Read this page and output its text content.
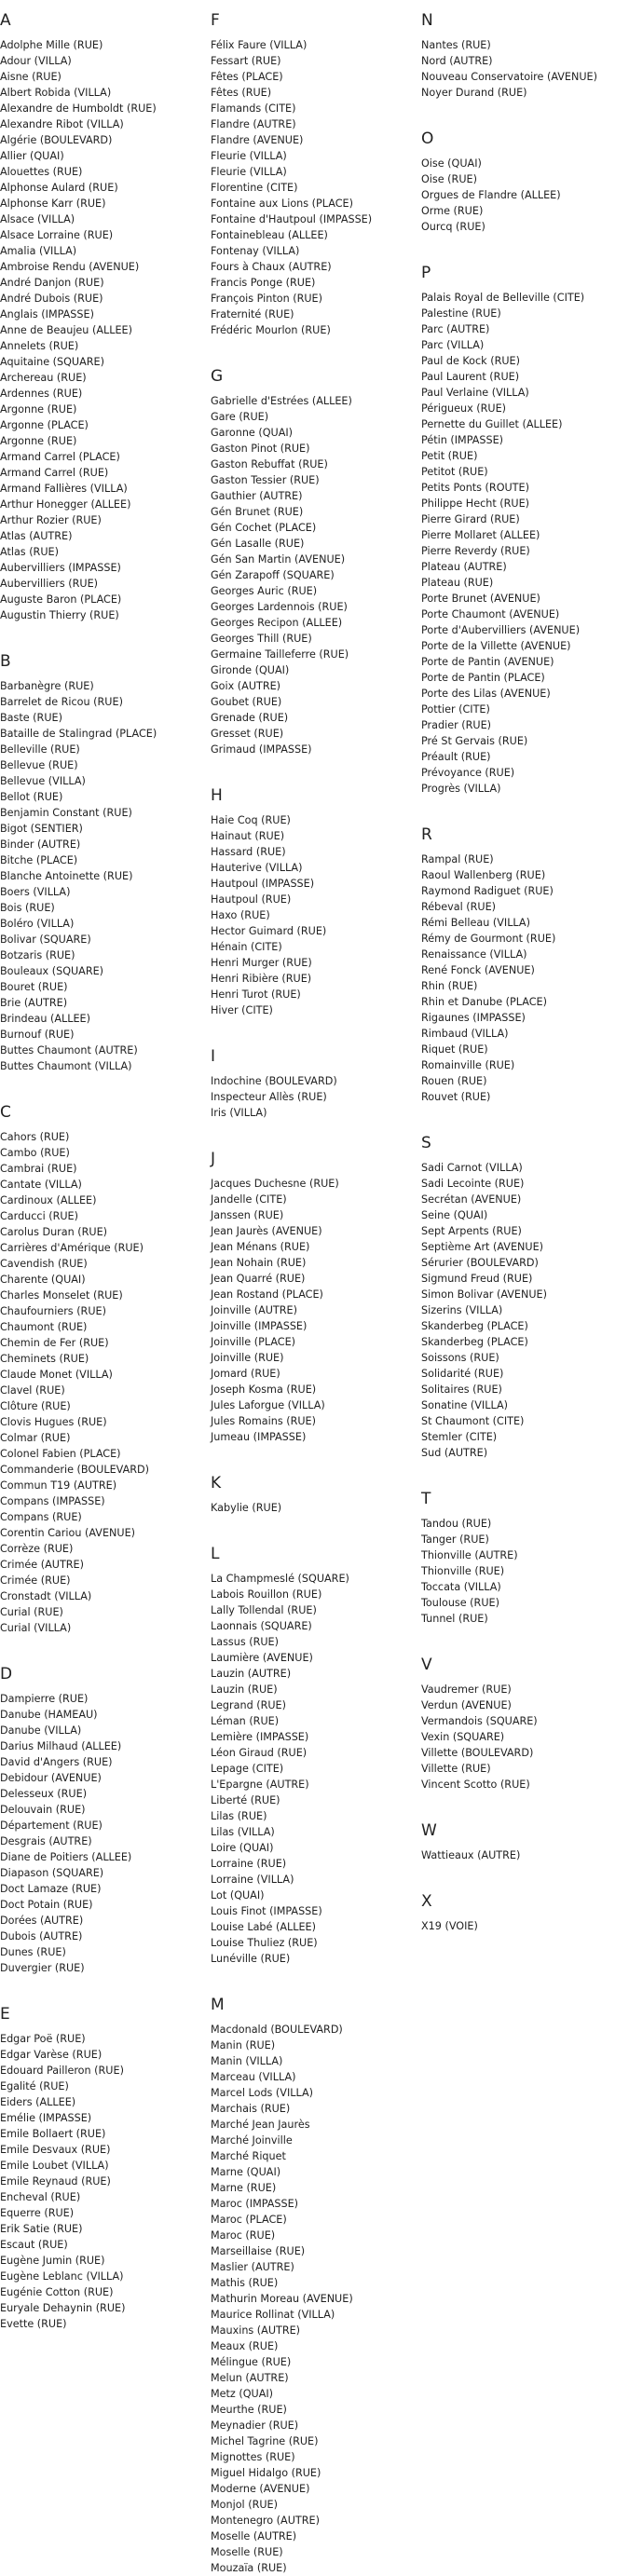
A
Adolphe Mille (RUE)
Adour (VILLA)
Aisne (RUE)
Albert Robida (VILLA)
Alexandre de Humboldt (RUE)
Alexandre Ribot (VILLA)
Algérie (BOULEVARD)
Allier (QUAI)
Alouettes (RUE)
Alphonse Aulard (RUE)
Alphonse Karr (RUE)
Alsace (VILLA)
Alsace Lorraine (RUE)
Amalia (VILLA)
Ambroise Rendu (AVENUE)
André Danjon (RUE)
André Dubois (RUE)
Anglais (IMPASSE)
Anne de Beaujeu (ALLEE)
Annelets (RUE)
Aquitaine (SQUARE)
Archereau (RUE)
Ardennes (RUE)
Argonne (RUE)
Argonne (PLACE)
Argonne (RUE)
Armand Carrel (PLACE)
Armand Carrel (RUE)
Armand Fallières (VILLA)
Arthur Honegger (ALLEE)
Arthur Rozier (RUE)
Atlas (AUTRE)
Atlas (RUE)
Aubervilliers (IMPASSE)
Aubervilliers (RUE)
Auguste Baron (PLACE)
Augustin Thierry (RUE)
B
Barbanègre (RUE)
Barrelet de Ricou (RUE)
Baste (RUE)
Bataille de Stalingrad (PLACE)
Belleville (RUE)
Bellevue (RUE)
Bellevue (VILLA)
Bellot (RUE)
Benjamin Constant (RUE)
Bigot (SENTIER)
Binder (AUTRE)
Bitche (PLACE)
Blanche Antoinette (RUE)
Boers (VILLA)
Bois (RUE)
Boléro (VILLA)
Bolivar (SQUARE)
Botzaris (RUE)
Bouleaux (SQUARE)
Bouret (RUE)
Brie (AUTRE)
Brindeau (ALLEE)
Burnouf (RUE)
Buttes Chaumont (AUTRE)
Buttes Chaumont (VILLA)
C
Cahors (RUE)
Cambo (RUE)
Cambrai (RUE)
Cantate (VILLA)
Cardinoux (ALLEE)
Carducci (RUE)
Carolus Duran (RUE)
Carrières d'Amérique (RUE)
Cavendish (RUE)
Charente (QUAI)
Charles Monselet (RUE)
Chaufourniers (RUE)
Chaumont (RUE)
Chemin de Fer (RUE)
Cheminets (RUE)
Claude Monet (VILLA)
Clavel (RUE)
Clôture (RUE)
Clovis Hugues (RUE)
Colmar (RUE)
Colonel Fabien (PLACE)
Commanderie (BOULEVARD)
Commun T19 (AUTRE)
Compans (IMPASSE)
Compans (RUE)
Corentin Cariou (AVENUE)
Corrèze (RUE)
Crimée (AUTRE)
Crimée (RUE)
Cronstadt (VILLA)
Curial (RUE)
Curial (VILLA)
D
Dampierre (RUE)
Danube (HAMEAU)
Danube (VILLA)
Darius Milhaud (ALLEE)
David d'Angers (RUE)
Debidour (AVENUE)
Delesseux (RUE)
Delouvain (RUE)
Département (RUE)
Desgrais (AUTRE)
Diane de Poitiers (ALLEE)
Diapason (SQUARE)
Doct Lamaze (RUE)
Doct Potain (RUE)
Dorées (AUTRE)
Dubois (AUTRE)
Dunes (RUE)
Duvergier (RUE)
E
Edgar Poë (RUE)
Edgar Varèse (RUE)
Edouard Pailleron (RUE)
Egalité (RUE)
Eiders (ALLEE)
Emélie (IMPASSE)
Emile Bollaert (RUE)
Emile Desvaux (RUE)
Emile Loubet (VILLA)
Emile Reynaud (RUE)
Encheval (RUE)
Equerre (RUE)
Erik Satie (RUE)
Escaut (RUE)
Eugène Jumin (RUE)
Eugène Leblanc (VILLA)
Eugénie Cotton (RUE)
Euryale Dehaynin (RUE)
Evette (RUE)
F
Félix Faure (VILLA)
Fessart (RUE)
Fêtes (PLACE)
Fêtes (RUE)
Flamands (CITE)
Flandre (AUTRE)
Flandre (AVENUE)
Fleurie (VILLA)
Fleurie (VILLA)
Florentine (CITE)
Fontaine aux Lions (PLACE)
Fontaine d'Hautpoul (IMPASSE)
Fontainebleau (ALLEE)
Fontenay (VILLA)
Fours à Chaux (AUTRE)
Francis Ponge (RUE)
François Pinton (RUE)
Fraternité (RUE)
Frédéric Mourlon (RUE)
G
Gabrielle d'Estrées (ALLEE)
Gare (RUE)
Garonne (QUAI)
Gaston Pinot (RUE)
Gaston Rebuffat (RUE)
Gaston Tessier (RUE)
Gauthier (AUTRE)
Gén Brunet (RUE)
Gén Cochet (PLACE)
Gén Lasalle (RUE)
Gén San Martin (AVENUE)
Gén Zarapoff (SQUARE)
Georges Auric (RUE)
Georges Lardennois (RUE)
Georges Recipon (ALLEE)
Georges Thill (RUE)
Germaine Tailleferre (RUE)
Gironde (QUAI)
Goix (AUTRE)
Goubet (RUE)
Grenade (RUE)
Gresset (RUE)
Grimaud (IMPASSE)
H
Haie Coq (RUE)
Hainaut (RUE)
Hassard (RUE)
Hauterive (VILLA)
Hautpoul (IMPASSE)
Hautpoul (RUE)
Haxo (RUE)
Hector Guimard (RUE)
Hénain (CITE)
Henri Murger (RUE)
Henri Ribière (RUE)
Henri Turot (RUE)
Hiver (CITE)
I
Indochine (BOULEVARD)
Inspecteur Allès (RUE)
Iris (VILLA)
J
Jacques Duchesne (RUE)
Jandelle (CITE)
Janssen (RUE)
Jean Jaurès (AVENUE)
Jean Ménans (RUE)
Jean Nohain (RUE)
Jean Quarré (RUE)
Jean Rostand (PLACE)
Joinville (AUTRE)
Joinville (IMPASSE)
Joinville (PLACE)
Joinville (RUE)
Jomard (RUE)
Joseph Kosma (RUE)
Jules Laforgue (VILLA)
Jules Romains (RUE)
Jumeau (IMPASSE)
K
Kabylie (RUE)
L
La Champmeslé (SQUARE)
Labois Rouillon (RUE)
Lally Tollendal (RUE)
Laonnais (SQUARE)
Lassus (RUE)
Laumière (AVENUE)
Lauzin (AUTRE)
Lauzin (RUE)
Legrand (RUE)
Léman (RUE)
Lemière (IMPASSE)
Léon Giraud (RUE)
Lepage (CITE)
L'Epargne (AUTRE)
Liberté (RUE)
Lilas (RUE)
Lilas (VILLA)
Loire (QUAI)
Lorraine (RUE)
Lorraine (VILLA)
Lot (QUAI)
Louis Finot (IMPASSE)
Louise Labé (ALLEE)
Louise Thuliez (RUE)
Lunéville (RUE)
M
Macdonald (BOULEVARD)
Manin (RUE)
Manin (VILLA)
Marceau (VILLA)
Marcel Lods (VILLA)
Marchais (RUE)
Marché Jean Jaurès
Marché Joinville
Marché Riquet
Marne (QUAI)
Marne (RUE)
Maroc (IMPASSE)
Maroc (PLACE)
Maroc (RUE)
Marseillaise (RUE)
Maslier (AUTRE)
Mathis (RUE)
Mathurin Moreau (AVENUE)
Maurice Rollinat (VILLA)
Mauxins (AUTRE)
Meaux (RUE)
Mélingue (RUE)
Melun (AUTRE)
Metz (QUAI)
Meurthe (RUE)
Meynadier (RUE)
Michel Tagrine (RUE)
Mignottes (RUE)
Miguel Hidalgo (RUE)
Moderne (AVENUE)
Monjol (RUE)
Montenegro (AUTRE)
Moselle (AUTRE)
Moselle (RUE)
Mouzaïa (RUE)
N
Nantes (RUE)
Nord (AUTRE)
Nouveau Conservatoire (AVENUE)
Noyer Durand (RUE)
O
Oise (QUAI)
Oise (RUE)
Orgues de Flandre (ALLEE)
Orme (RUE)
Ourcq (RUE)
P
Palais Royal de Belleville (CITE)
Palestine (RUE)
Parc (AUTRE)
Parc (VILLA)
Paul de Kock (RUE)
Paul Laurent (RUE)
Paul Verlaine (VILLA)
Périgueux (RUE)
Pernette du Guillet (ALLEE)
Pétin (IMPASSE)
Petit (RUE)
Petitot (RUE)
Petits Ponts (ROUTE)
Philippe Hecht (RUE)
Pierre Girard (RUE)
Pierre Mollaret (ALLEE)
Pierre Reverdy (RUE)
Plateau (AUTRE)
Plateau (RUE)
Porte Brunet (AVENUE)
Porte Chaumont (AVENUE)
Porte d'Aubervilliers (AVENUE)
Porte de la Villette (AVENUE)
Porte de Pantin (AVENUE)
Porte de Pantin (PLACE)
Porte des Lilas (AVENUE)
Pottier (CITE)
Pradier (RUE)
Pré St Gervais (RUE)
Préault (RUE)
Prévoyance (RUE)
Progrès (VILLA)
R
Rampal (RUE)
Raoul Wallenberg (RUE)
Raymond Radiguet (RUE)
Rébeval (RUE)
Rémi Belleau (VILLA)
Rémy de Gourmont (RUE)
Renaissance (VILLA)
René Fonck (AVENUE)
Rhin (RUE)
Rhin et Danube (PLACE)
Rigaunes (IMPASSE)
Rimbaud (VILLA)
Riquet (RUE)
Romainville (RUE)
Rouen (RUE)
Rouvet (RUE)
S
Sadi Carnot (VILLA)
Sadi Lecointe (RUE)
Secrétan (AVENUE)
Seine (QUAI)
Sept Arpents (RUE)
Septième Art (AVENUE)
Sérurier (BOULEVARD)
Sigmund Freud (RUE)
Simon Bolivar (AVENUE)
Sizerins (VILLA)
Skanderbeg (PLACE)
Skanderbeg (PLACE)
Soissons (RUE)
Solidarité (RUE)
Solitaires (RUE)
Sonatine (VILLA)
St Chaumont (CITE)
Stemler (CITE)
Sud (AUTRE)
T
Tandou (RUE)
Tanger (RUE)
Thionville (AUTRE)
Thionville (RUE)
Toccata (VILLA)
Toulouse (RUE)
Tunnel (RUE)
V
Vaudremer (RUE)
Verdun (AVENUE)
Vermandois (SQUARE)
Vexin (SQUARE)
Villette (BOULEVARD)
Villette (RUE)
Vincent Scotto (RUE)
W
Wattieaux (AUTRE)
X
X19 (VOIE)
